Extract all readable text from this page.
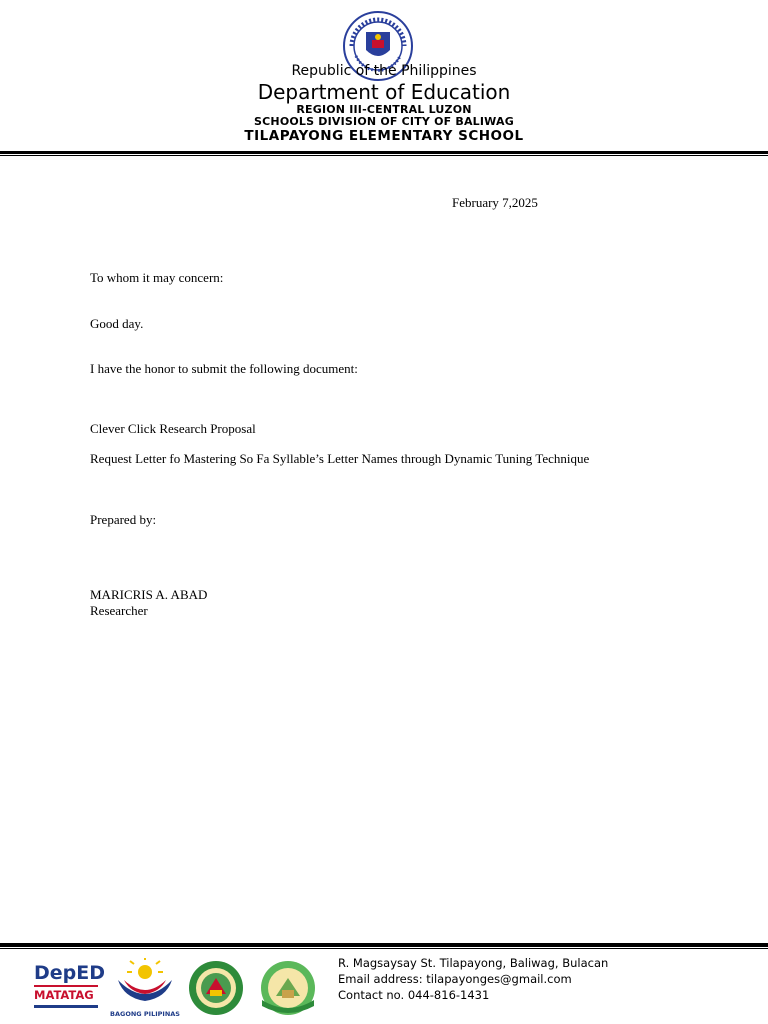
Republic of the Philippines
Department of Education
REGION III-CENTRAL LUZON
SCHOOLS DIVISION OF CITY OF BALIWAG
TILAPAYONG ELEMENTARY SCHOOL
February 7,2025
To whom it may concern:
Good day.
I have the honor to submit the following document:
Clever Click Research Proposal
Request Letter fo Mastering So Fa Syllable’s Letter Names through Dynamic Tuning Technique
Prepared by:
MARICRIS A. ABAD
Researcher
DepED
MATATAG
BAGONG PILIPINAS
R. Magsaysay St. Tilapayong, Baliwag, Bulacan
Email address: tilapayonges@gmail.com
Contact no. 044-816-1431
